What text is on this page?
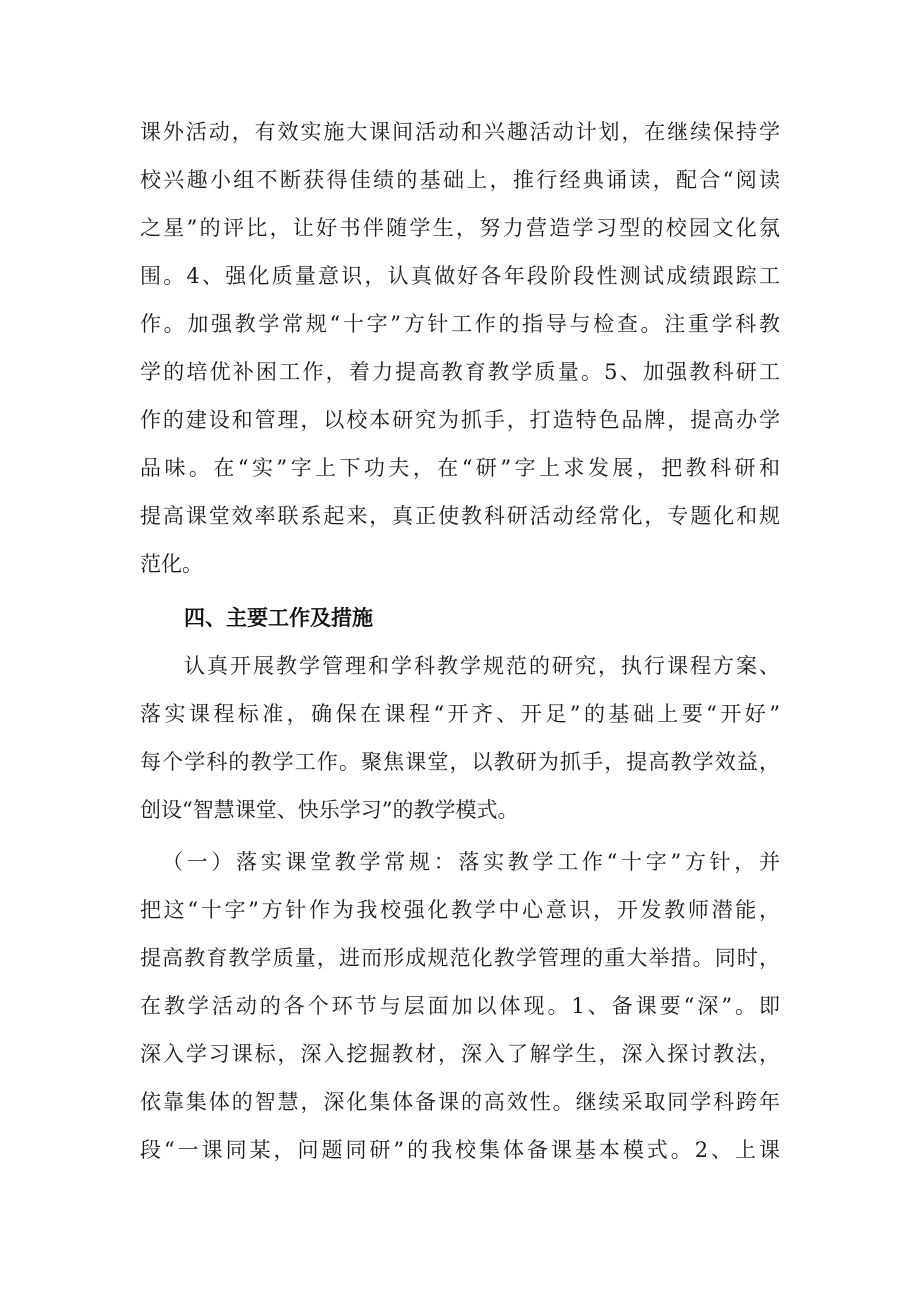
课外活动，有效实施大课间活动和兴趣活动计划，在继续保持学
校兴趣小组不断获得佳绩的基础上，推行经典诵读，配合“阅读
之星”的评比，让好书伴随学生，努力营造学习型的校园文化氛
围。4、强化质量意识，认真做好各年段阶段性测试成绩跟踪工
作。加强教学常规“十字”方针工作的指导与检查。注重学科教
学的培优补困工作，着力提高教育教学质量。5、加强教科研工
作的建设和管理，以校本研究为抓手，打造特色品牌，提高办学
品味。在“实”字上下功夫，在“研”字上求发展，把教科研和
提高课堂效率联系起来，真正使教科研活动经常化，专题化和规
范化。
四、主要工作及措施
认真开展教学管理和学科教学规范的研究，执行课程方案、
落实课程标准，确保在课程“开齐、开足”的基础上要“开好”
每个学科的教学工作。聚焦课堂，以教研为抓手，提高教学效益，
创设“智慧课堂、快乐学习”的教学模式。
（一）落实课堂教学常规：落实教学工作“十字”方针，并
把这“十字”方针作为我校强化教学中心意识，开发教师潜能，
提高教育教学质量，进而形成规范化教学管理的重大举措。同时，
在教学活动的各个环节与层面加以体现。1、备课要“深”。即
深入学习课标，深入挖掘教材，深入了解学生，深入探讨教法，
依靠集体的智慧，深化集体备课的高效性。继续采取同学科跨年
段“一课同某，问题同研”的我校集体备课基本模式。2、上课
